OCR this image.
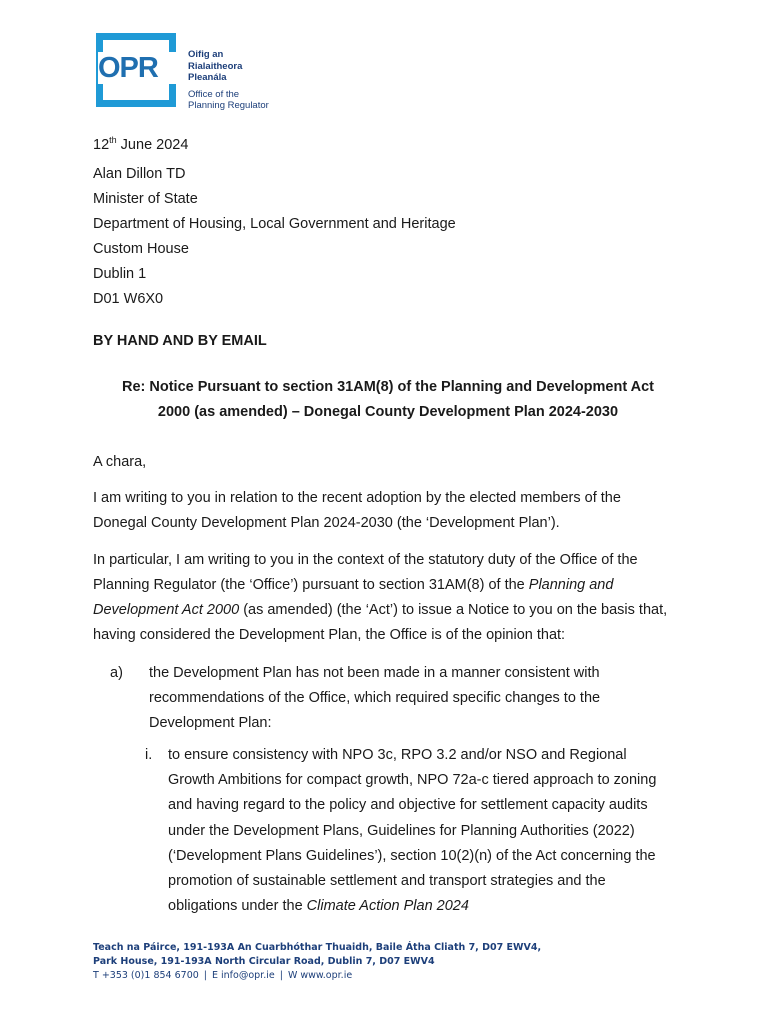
OPR	Oifig an
Rialaitheora Pleanála
Office of the
Planning Regulator
12th June 2024
Alan Dillon TD
Minister of State
Department of Housing, Local Government and Heritage
Custom House
Dublin 1
D01 W6X0
BY HAND AND BY EMAIL
Re: Notice Pursuant to section 31AM(8) of the Planning and Development Act
2000 (as amended) – Donegal County Development Plan 2024-2030
A chara,
I am writing to you in relation to the recent adoption by the elected members of the Donegal County Development Plan 2024-2030 (the ‘Development Plan’).
In particular, I am writing to you in the context of the statutory duty of the Office of the Planning Regulator (the ‘Office’) pursuant to section 31AM(8) of the Planning and Development Act 2000 (as amended) (the ‘Act’) to issue a Notice to you on the basis that, having considered the Development Plan, the Office is of the opinion that:
a) the Development Plan has not been made in a manner consistent with recommendations of the Office, which required specific changes to the Development Plan:
i. to ensure consistency with NPO 3c, RPO 3.2 and/or NSO and Regional Growth Ambitions for compact growth, NPO 72a-c tiered approach to zoning and having regard to the policy and objective for settlement capacity audits under the Development Plans, Guidelines for Planning Authorities (2022) (‘Development Plans Guidelines’), section 10(2)(n) of the Act concerning the promotion of sustainable settlement and transport strategies and the obligations under the Climate Action Plan 2024
Teach na Páirce, 191-193A An Cuarbhóthar Thuaidh, Baile Átha Cliath 7, D07 EWV4,
Park House, 191-193A North Circular Road, Dublin 7, D07 EWV4
T +353 (0)1 854 6700 | E info@opr.ie | W www.opr.ie
